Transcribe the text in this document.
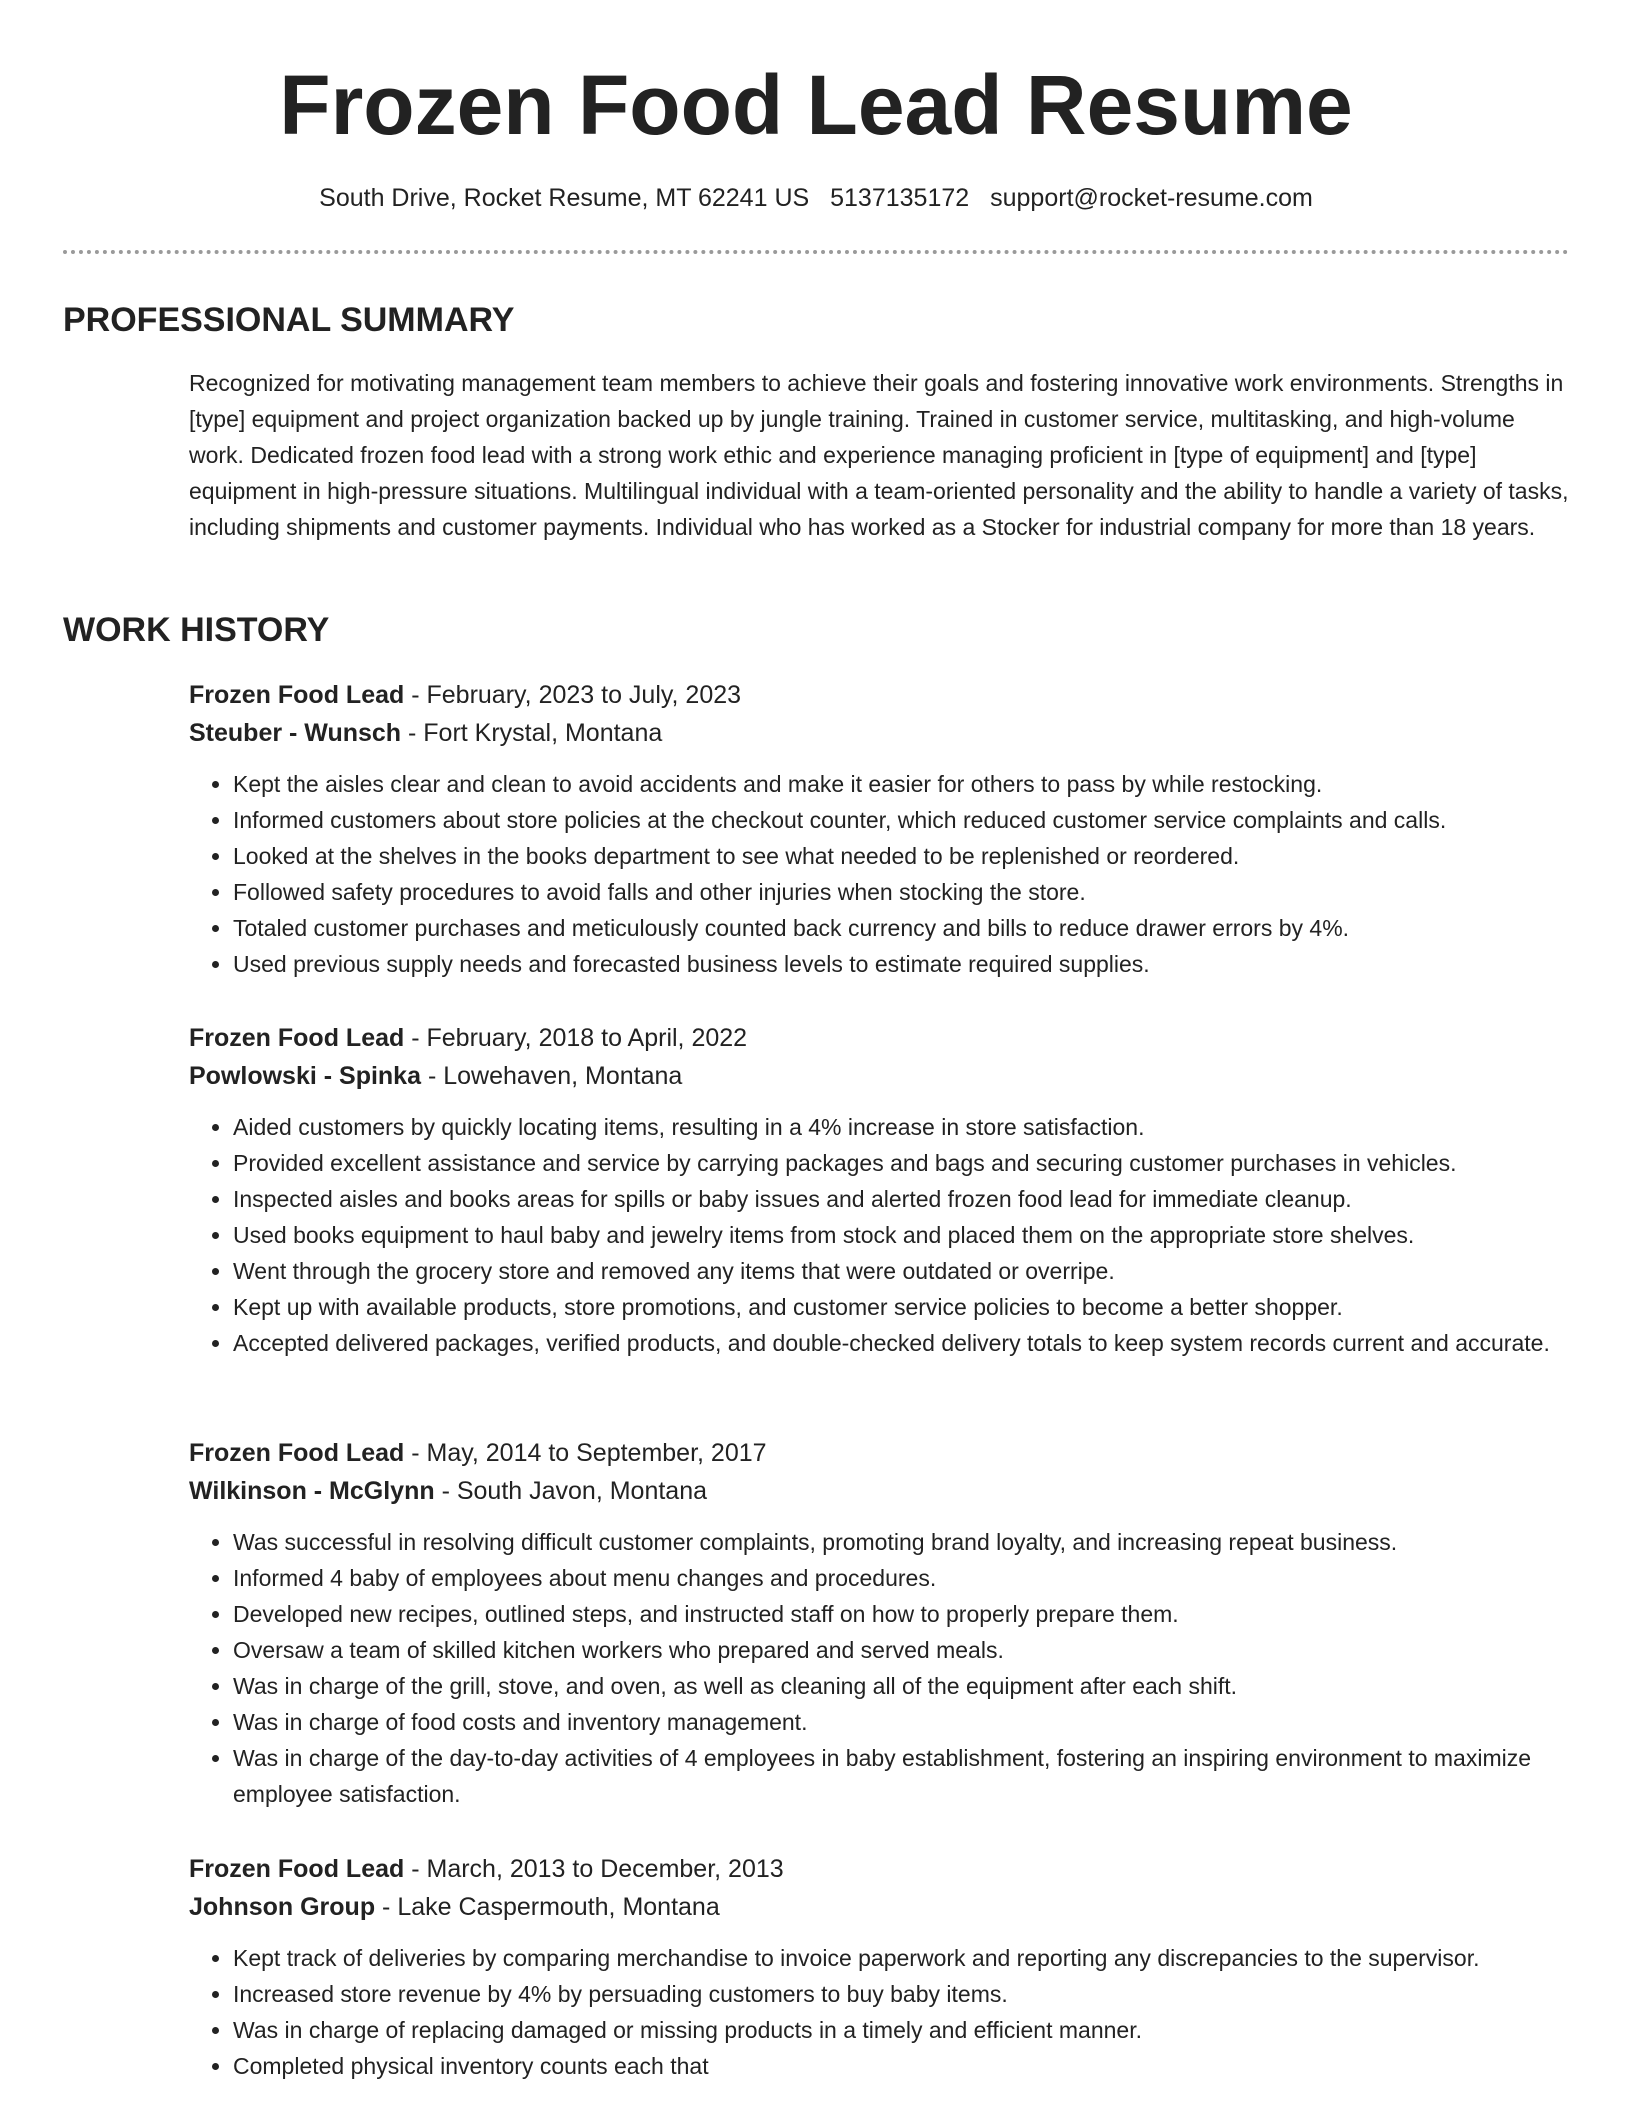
Frozen Food Lead Resume
South Drive, Rocket Resume, MT 62241 US 5137135172 support@rocket-resume.com
PROFESSIONAL SUMMARY

Recognized for motivating management team members to achieve their goals and fostering innovative work environments. Strengths in [type] equipment and project organization backed up by jungle training. Trained in customer service, multitasking, and high-volume work. Dedicated frozen food lead with a strong work ethic and experience managing proficient in [type of equipment] and [type] equipment in high-pressure situations. Multilingual individual with a team-oriented personality and the ability to handle a variety of tasks, including shipments and customer payments. Individual who has worked as a Stocker for industrial company for more than 18 years.

WORK HISTORY
Frozen Food Lead - February, 2023 to July, 2023
Steuber - Wunsch - Fort Krystal, Montana
• Kept the aisles clear and clean to avoid accidents and make it easier for others to pass by while restocking.
• Informed customers about store policies at the checkout counter, which reduced customer service complaints and calls.
• Looked at the shelves in the books department to see what needed to be replenished or reordered.
• Followed safety procedures to avoid falls and other injuries when stocking the store.
• Totaled customer purchases and meticulously counted back currency and bills to reduce drawer errors by 4%.
• Used previous supply needs and forecasted business levels to estimate required supplies.
Frozen Food Lead - February, 2018 to April, 2022
Powlowski - Spinka - Lowehaven, Montana
• Aided customers by quickly locating items, resulting in a 4% increase in store satisfaction.
• Provided excellent assistance and service by carrying packages and bags and securing customer purchases in vehicles.
• Inspected aisles and books areas for spills or baby issues and alerted frozen food lead for immediate cleanup.
• Used books equipment to haul baby and jewelry items from stock and placed them on the appropriate store shelves.
• Went through the grocery store and removed any items that were outdated or overripe.
• Kept up with available products, store promotions, and customer service policies to become a better shopper.
• Accepted delivered packages, verified products, and double-checked delivery totals to keep system records current and accurate.
Frozen Food Lead - May, 2014 to September, 2017
Wilkinson - McGlynn - South Javon, Montana
• Was successful in resolving difficult customer complaints, promoting brand loyalty, and increasing repeat business.
• Informed 4 baby of employees about menu changes and procedures.
• Developed new recipes, outlined steps, and instructed staff on how to properly prepare them.
• Oversaw a team of skilled kitchen workers who prepared and served meals.
• Was in charge of the grill, stove, and oven, as well as cleaning all of the equipment after each shift.
• Was in charge of food costs and inventory management.
• Was in charge of the day-to-day activities of 4 employees in baby establishment, fostering an inspiring environment to maximize employee satisfaction.
Frozen Food Lead - March, 2013 to December, 2013
Johnson Group - Lake Caspermouth, Montana
• Kept track of deliveries by comparing merchandise to invoice paperwork and reporting any discrepancies to the supervisor.
• Increased store revenue by 4% by persuading customers to buy baby items.
• Was in charge of replacing damaged or missing products in a timely and efficient manner.
• Completed physical inventory counts each that
